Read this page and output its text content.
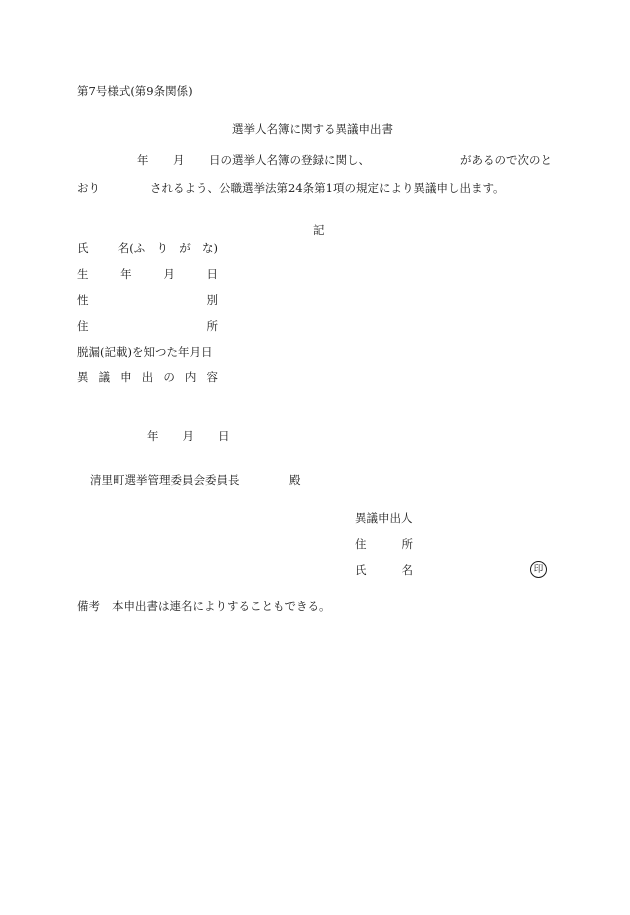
第7号様式(第9条関係)
選挙人名簿に関する異議申出書
年 月 日の選挙人名簿の登録に関し、	があるので次のと
おり	されるよう、公職選挙法第24条第1項の規定により異議申し出ます。
記
氏	名(ふ り が な)
生	年	月	日
性	別
住	所
脱漏(記載)を知つた年月日
異 議 申 出 の 内 容
年 月 日
清里町選挙管理委員会委員長	殿
異議申出人
住	所
氏	名	印
備考 本申出書は連名によりすることもできる。
